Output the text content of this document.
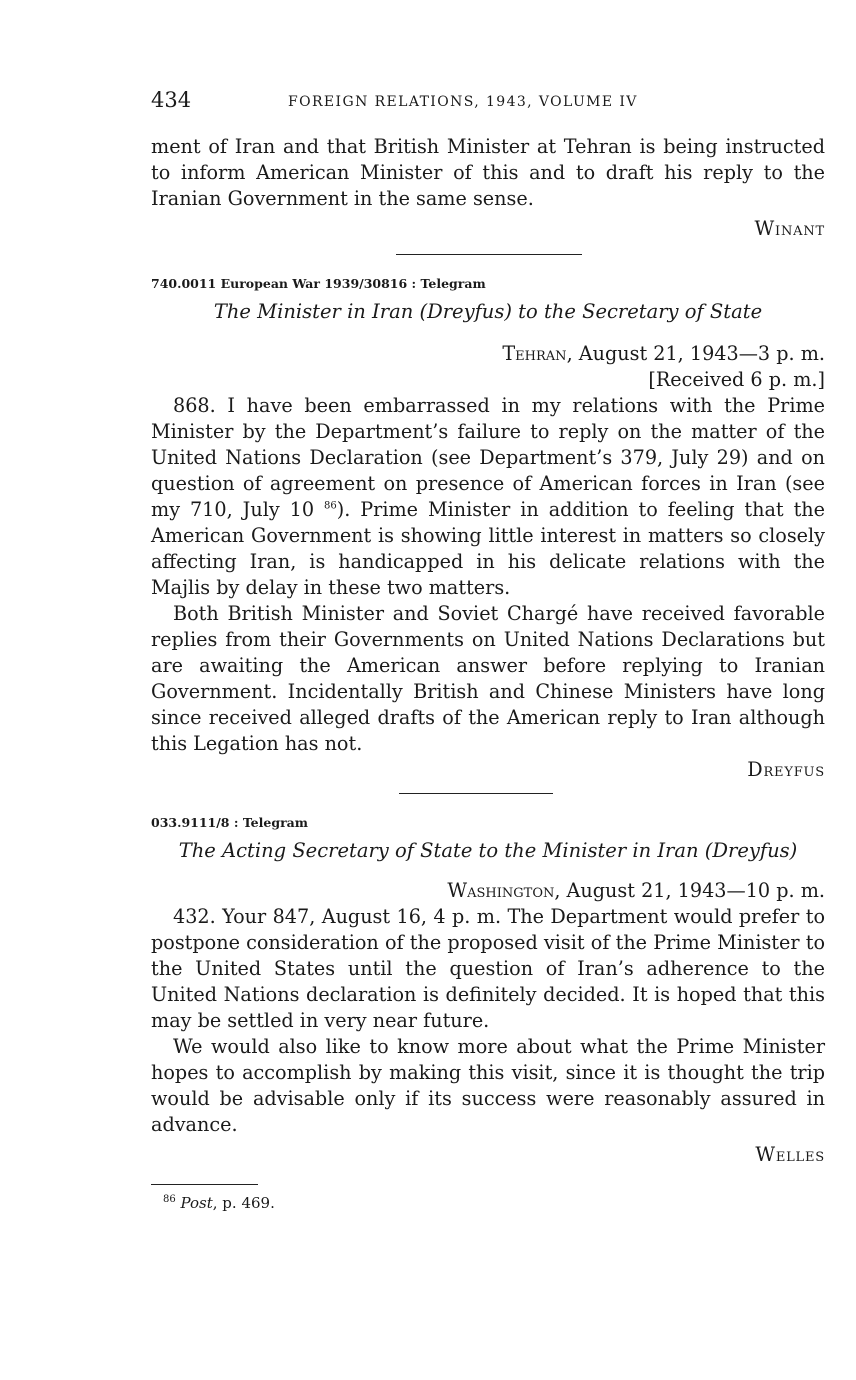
434	FOREIGN RELATIONS, 1943, VOLUME IV

ment of Iran and that British Minister at Tehran is being instructed to inform American Minister of this and to draft his reply to the Iranian Government in the same sense.

Winant

740.0011 European War 1939/30816 : Telegram

The Minister in Iran (Dreyfus) to the Secretary of State

Tehran, August 21, 1943—3 p. m.

[Received 6 p. m.]

868. I have been embarrassed in my relations with the Prime Minister by the Department’s failure to reply on the matter of the United Nations Declaration (see Department’s 379, July 29) and on question of agreement on presence of American forces in Iran (see my 710, July 10 $^{86}$). Prime Minister in addition to feeling that the American Government is showing little interest in matters so closely affecting Iran, is handicapped in his delicate relations with the Majlis by delay in these two matters.

Both British Minister and Soviet Chargé have received favorable replies from their Governments on United Nations Declarations but are awaiting the American answer before replying to Iranian Government. Incidentally British and Chinese Ministers have long since received alleged drafts of the American reply to Iran although this Legation has not.

Dreyfus

033.9111/8 : Telegram

The Acting Secretary of State to the Minister in Iran (Dreyfus)

Washington, August 21, 1943—10 p. m.

432. Your 847, August 16, 4 p. m. The Department would prefer to postpone consideration of the proposed visit of the Prime Minister to the United States until the question of Iran’s adherence to the United Nations declaration is definitely decided. It is hoped that this may be settled in very near future.

We would also like to know more about what the Prime Minister hopes to accomplish by making this visit, since it is thought the trip would be advisable only if its success were reasonably assured in advance.

Welles

$^{86}$ Post, p. 469.
